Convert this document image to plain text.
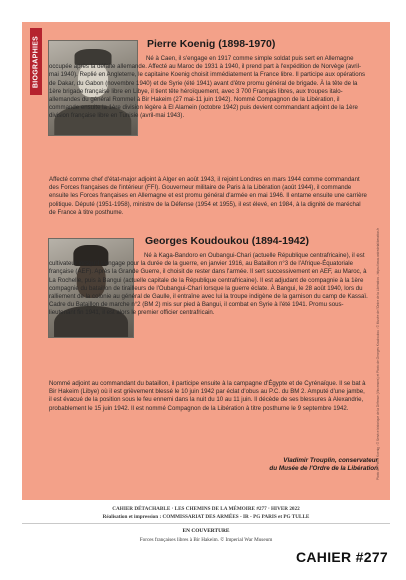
BIOGRAPHIES	Pierre Koenig (1898-1970)
Né à Caen, il s'engage en 1917 comme simple soldat puis sert en Allemagne occupée après la défaite allemande. Affecté au Maroc de 1931 à 1940, il prend part à l'expédition de Norvège (avril-mai 1940). Replié en Angleterre, le capitaine Koenig choisit immédiatement la France libre. Il participe aux opérations de Dakar, du Gabon (novembre 1940) et de Syrie (été 1941) avant d'être promu général de brigade. À la tête de la 1ère brigade française libre en Libye, il tient tête héroïquement, avec 3 700 Français libres, aux troupes italo-allemandes du général Rommel à Bir Hakeim (27 mai-11 juin 1942). Nommé Compagnon de la Libération, il commande ensuite la 1ère division légère à El Alamein (octobre 1942) puis devient commandant adjoint de la 1ère division française libre en Tunisie (avril-mai 1943).
Affecté comme chef d'état-major adjoint à Alger en août 1943, il rejoint Londres en mars 1944 comme commandant des Forces françaises de l'intérieur (FFI). Gouverneur militaire de Paris à la Libération (août 1944), il commande ensuite les Forces françaises en Allemagne et est promu général d'armée en mai 1946. Il entame ensuite une carrière politique. Député (1951-1958), ministre de la Défense (1954 et 1955), il est élevé, en 1984, à la dignité de maréchal de France à titre posthume.
Georges Koudoukou (1894-1942)
Né à Kaga-Bandoro en Oubangui-Chari (actuelle République centrafricaine), il est cultivateur lorsqu'il s'engage pour la durée de la guerre, en janvier 1916, au Bataillon n°3 de l'Afrique-Équatoriale française (AEF). Après la Grande Guerre, il choisit de rester dans l'armée. Il sert successivement en AEF, au Maroc, à La Rochelle, puis à Bangui (actuelle capitale de la République centrafricaine). Il est adjudant de compagnie à la 1ère compagnie du bataillon de tirailleurs de l'Oubangui-Chari lorsque la guerre éclate. À Bangui, le 28 août 1940, lors du ralliement de la colonie au général de Gaulle, il entraîne avec lui la troupe indigène de la garnison du camp de Kassaï. Cadre du Bataillon de marche n°2 (BM 2) mis sur pied à Bangui, il combat en Syrie à l'été 1941. Promu sous-lieutenant fin 1941, il est alors le premier officier centrafricain.
Nommé adjoint au commandant du bataillon, il participe ensuite à la campagne d'Égypte et de Cyrénaïque. Il se bat à Bir Hakeim (Libye) où il est grièvement blessé le 10 juin 1942 par éclat d'obus au P.C. du BM 2. Amputé d'une jambe, il est évacué de la position sous le feu ennemi dans la nuit du 10 au 11 juin. Il décède de ses blessures à Alexandrie, probablement le 15 juin 1942. Il est nommé Compagnon de la Libération à titre posthume le 9 septembre 1942.
Vladimir Trouplin, conservateur
du Musée de l'Ordre de la Libération
Photo de Pierre Koenig : © Service historique de la Défense (Vincennes) et Photo de Georges Koudoukou : © Musée de l'Ordre de la Libération - https://www.ordredelaliberation.fr
CAHIER DÉTACHABLE · LES CHEMINS DE LA MÉMOIRE #277 · HIVER 2022
Réalisation et impression : COMMISSARIAT DES ARMÉES - IR - PG PARIS et PG TULLE
EN COUVERTURE
Forces françaises libres à Bir Hakeim. © Imperial War Museum
CAHIER #277
